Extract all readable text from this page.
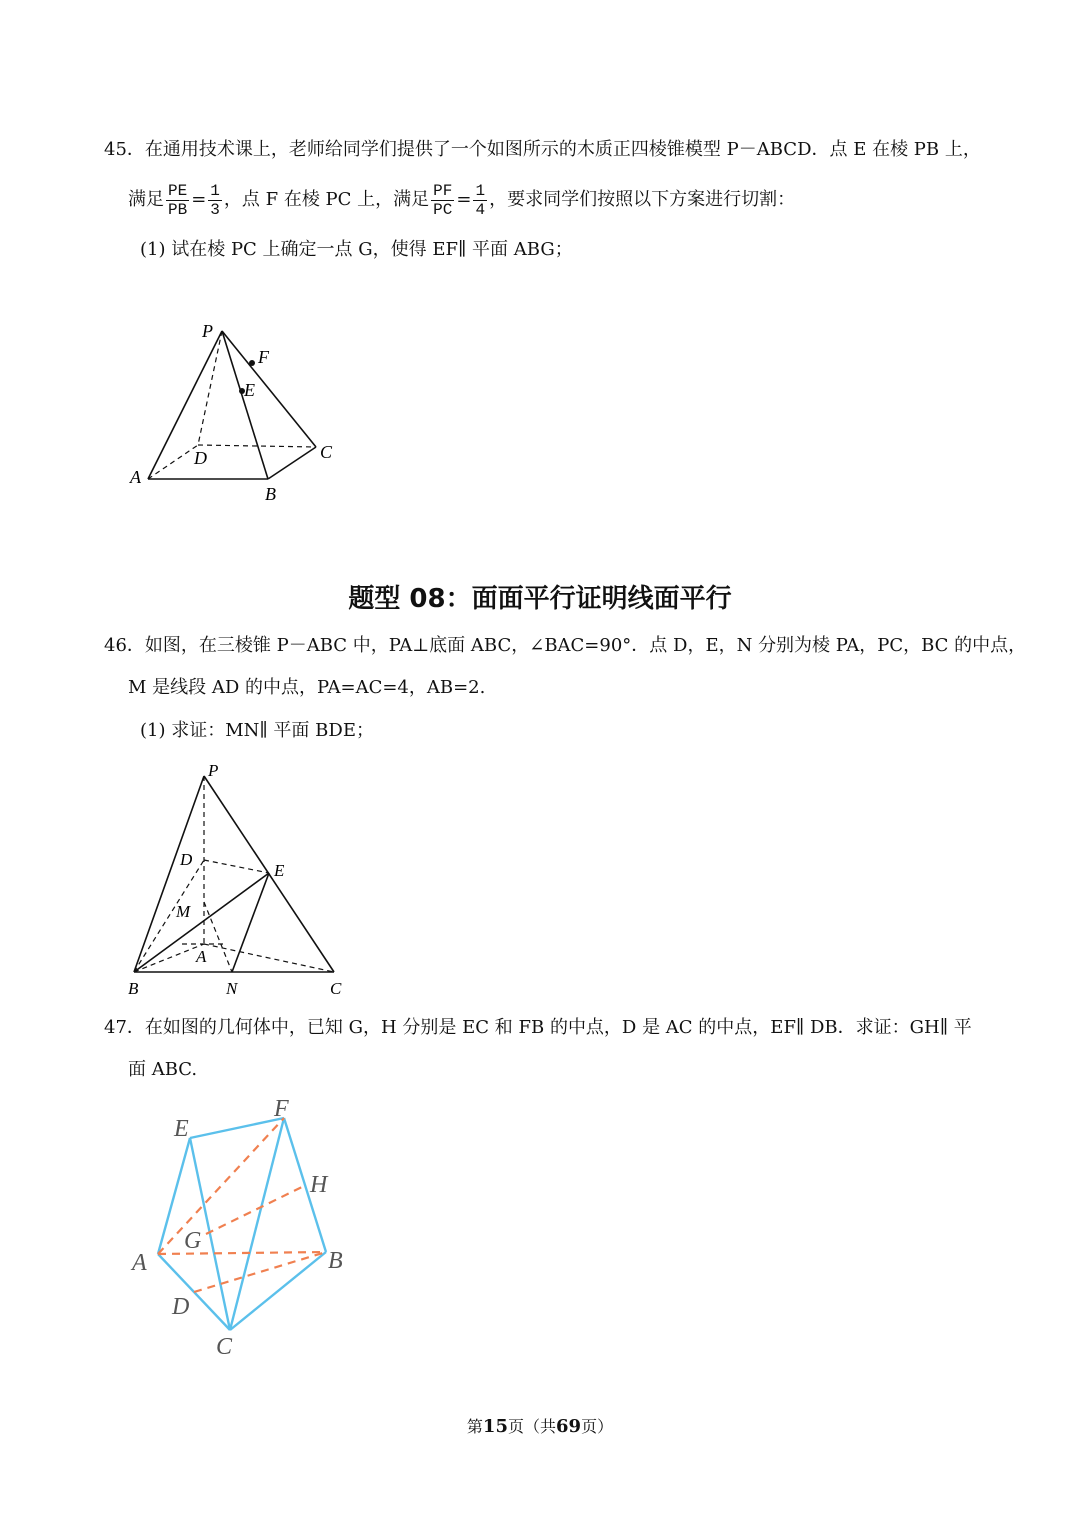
45．在通用技术课上，老师给同学们提供了一个如图所示的木质正四棱锥模型 P－ABCD．点 E 在棱 PB 上，
满足 $\frac{PE}{PB} = \frac{1}{3}$ ，点 F 在棱 PC 上，满足 $\frac{PF}{PC} = \frac{1}{4}$ ，要求同学们按照以下方案进行切割：
(1) 试在棱 PC 上确定一点 G，使得 EF∥ 平面 ABG；
P
F
E
D	C
A
B
题型 08：面面平行证明线面平行
46．如图，在三棱锥 P－ABC 中，PA⊥底面 ABC，∠BAC=90°．点 D，E，N 分别为棱 PA，PC，BC 的中点，
M 是线段 AD 的中点，PA=AC=4，AB=2.
(1) 求证：MN∥ 平面 BDE；
P
D
E
M
A
B	N	C
47．在如图的几何体中，已知 G，H 分别是 EC 和 FB 的中点，D 是 AC 的中点，EF∥ DB．求证：GH∥ 平
面 ABC.
E
F
H
G
A	B
D
C
第15页（共69页）
